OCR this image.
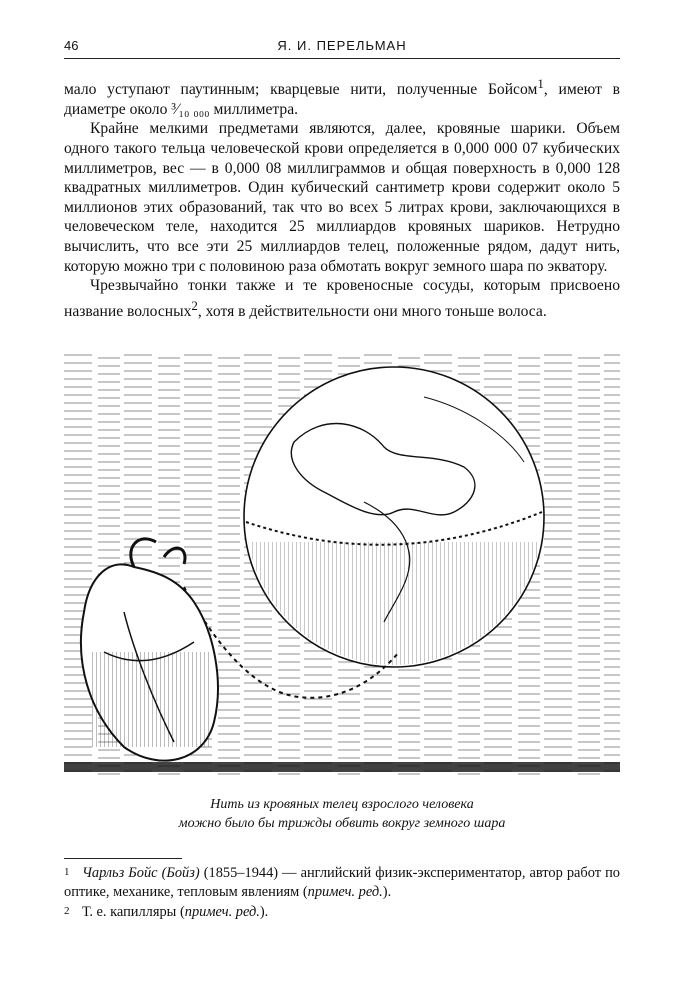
46	Я. И. ПЕРЕЛЬМАН

мало уступают паутинным; кварцевые нити, полученные Бойсом$^1$, имеют в диаметре около ³⁄₁₀ ₀₀₀ миллиметра.

Крайне мелкими предметами являются, далее, кровяные шарики. Объем одного такого тельца человеческой крови определяется в 0,000 000 07 кубических миллиметров, вес — в 0,000 08 миллиграммов и общая поверхность в 0,000 128 квадратных миллиметров. Один кубический сантиметр крови содержит около 5 миллионов этих образований, так что во всех 5 литрах крови, заключающихся в человеческом теле, находится 25 миллиардов кровяных шариков. Нетрудно вычислить, что все эти 25 миллиардов телец, положенные рядом, дадут нить, которую можно три с половиною раза обмотать вокруг земного шара по экватору.

Чрезвычайно тонки также и те кровеносные сосуды, которым присвоено название волосных$^2$, хотя в действительности они много тоньше волоса.

Нить из кровяных телец взрослого человека
можно было бы трижды обвить вокруг земного шара

1 Чарльз Бойс (Бойз) (1855–1944) — английский физик-экспериментатор, автор работ по оптике, механике, тепловым явлениям (примеч. ред.).

2 Т. е. капилляры (примеч. ред.).
